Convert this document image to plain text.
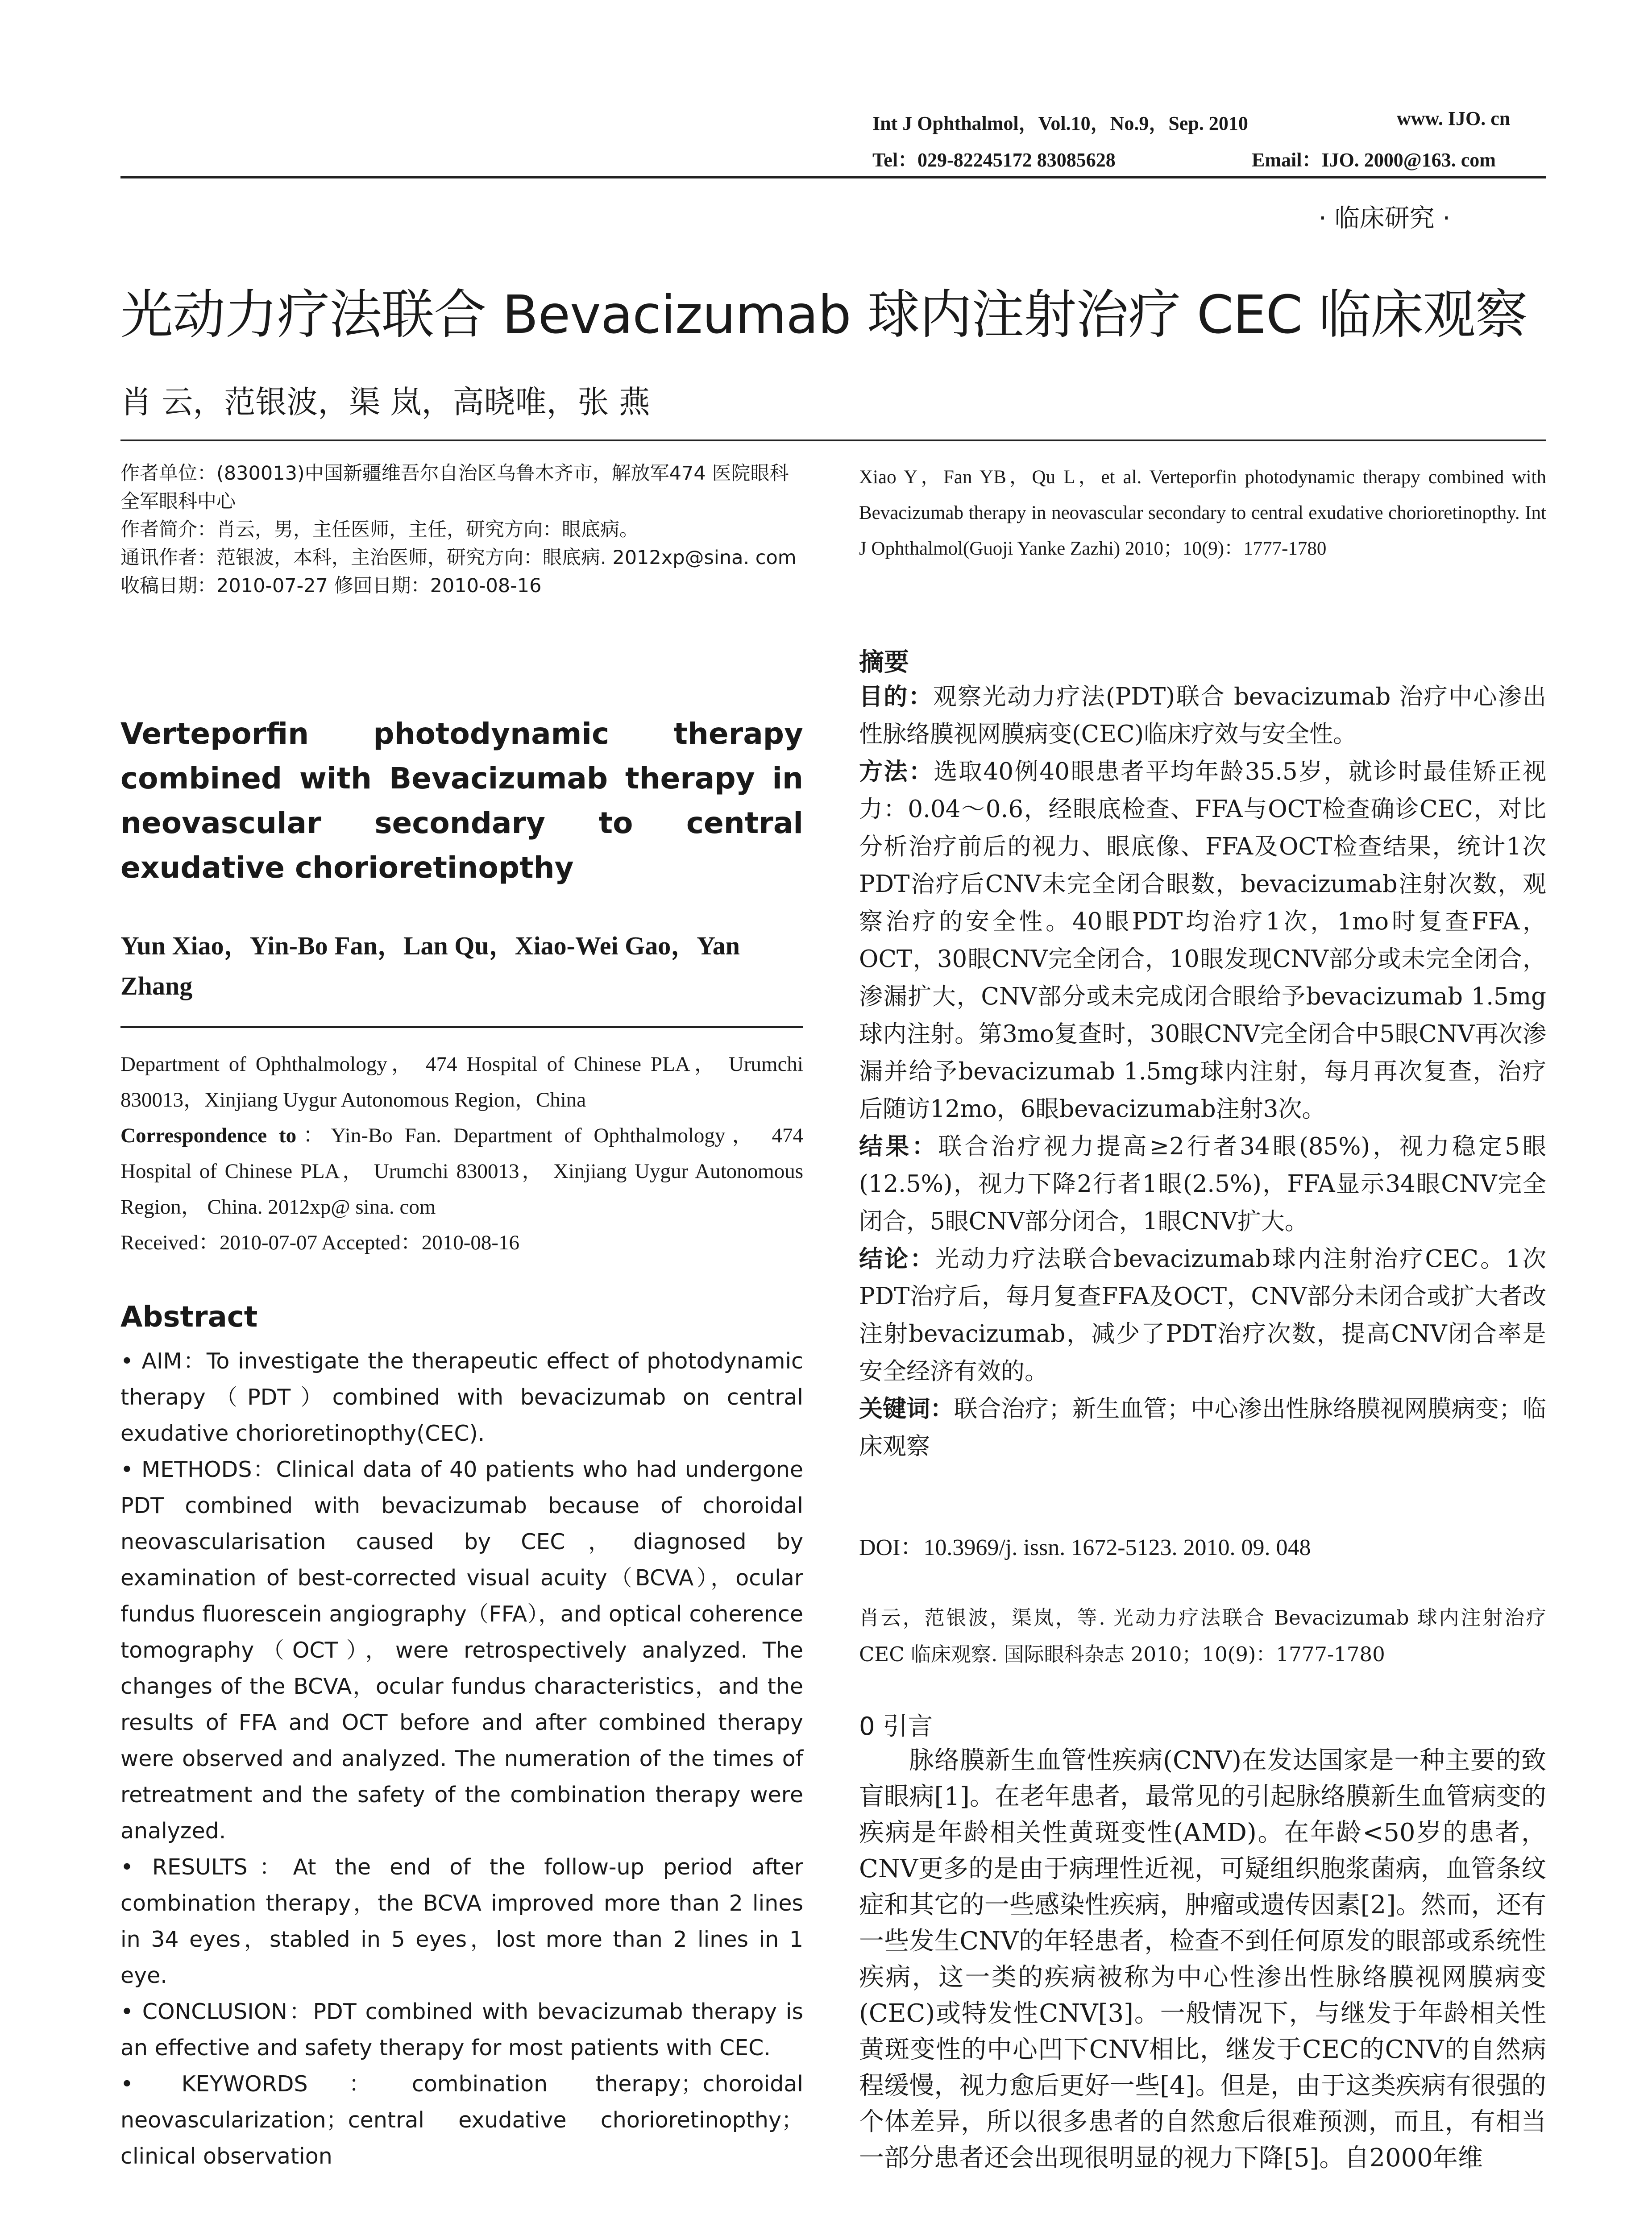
Int J Ophthalmol，Vol.10，No.9，Sep. 2010	www. IJO. cn
Tel：029-82245172 83085628	Email：IJO. 2000@163. com
· 临床研究 ·
光动力疗法联合 Bevacizumab 球内注射治疗 CEC 临床观察
肖 云，范银波，渠 岚，高晓唯，张 燕

作者单位：(830013)中国新疆维吾尔自治区乌鲁木齐市，解放军474 医院眼科 全军眼科中心

作者简介：肖云，男，主任医师，主任，研究方向：眼底病。

通讯作者：范银波，本科，主治医师，研究方向：眼底病. 2012xp@sina. com

收稿日期：2010-07-27 修回日期：2010-08-16

Verteporfin photodynamic therapy combined with Bevacizumab therapy in neovascular secondary to central exudative chorioretinopthy
Yun Xiao，Yin-Bo Fan，Lan Qu，Xiao-Wei Gao，Yan Zhang

Department of Ophthalmology， 474 Hospital of Chinese PLA， Urumchi 830013，Xinjiang Uygur Autonomous Region，China

Correspondence to：Yin-Bo Fan. Department of Ophthalmology， 474 Hospital of Chinese PLA， Urumchi 830013， Xinjiang Uygur Autonomous Region， China. 2012xp@ sina. com

Received：2010-07-07 Accepted：2010-08-16

Abstract

• AIM：To investigate the therapeutic effect of photodynamic therapy（PDT）combined with bevacizumab on central exudative chorioretinopthy(CEC).

• METHODS：Clinical data of 40 patients who had undergone PDT combined with bevacizumab because of choroidal neovascularisation caused by CEC，diagnosed by examination of best-corrected visual acuity（BCVA），ocular fundus fluorescein angiography（FFA），and optical coherence tomography（OCT），were retrospectively analyzed. The changes of the BCVA，ocular fundus characteristics，and the results of FFA and OCT before and after combined therapy were observed and analyzed. The numeration of the times of retreatment and the safety of the combination therapy were analyzed.

• RESULTS：At the end of the follow-up period after combination therapy，the BCVA improved more than 2 lines in 34 eyes，stabled in 5 eyes，lost more than 2 lines in 1 eye.

• CONCLUSION：PDT combined with bevacizumab therapy is an effective and safety therapy for most patients with CEC.

• KEYWORDS：combination therapy；choroidal neovascularization；central exudative chorioretinopthy；clinical observation

Xiao Y，Fan YB，Qu L，et al. Verteporfin photodynamic therapy combined with Bevacizumab therapy in neovascular secondary to central exudative chorioretinopthy. Int J Ophthalmol(Guoji Yanke Zazhi) 2010；10(9)：1777-1780
摘要

目的：观察光动力疗法(PDT)联合 bevacizumab 治疗中心渗出性脉络膜视网膜病变(CEC)临床疗效与安全性。

方法：选取40例40眼患者平均年龄35.5岁，就诊时最佳矫正视力：0.04～0.6，经眼底检查、FFA与OCT检查确诊CEC，对比分析治疗前后的视力、眼底像、FFA及OCT检查结果，统计1次PDT治疗后CNV未完全闭合眼数，bevacizumab注射次数，观察治疗的安全性。40眼PDT均治疗1次，1mo时复查FFA，OCT，30眼CNV完全闭合，10眼发现CNV部分或未完全闭合，渗漏扩大，CNV部分或未完成闭合眼给予bevacizumab 1.5mg球内注射。第3mo复查时，30眼CNV完全闭合中5眼CNV再次渗漏并给予bevacizumab 1.5mg球内注射，每月再次复查，治疗后随访12mo，6眼bevacizumab注射3次。

结果：联合治疗视力提高≥2行者34眼(85%)，视力稳定5眼(12.5%)，视力下降2行者1眼(2.5%)，FFA显示34眼CNV完全闭合，5眼CNV部分闭合，1眼CNV扩大。

结论：光动力疗法联合bevacizumab球内注射治疗CEC。1次PDT治疗后，每月复查FFA及OCT，CNV部分未闭合或扩大者改注射bevacizumab，减少了PDT治疗次数，提高CNV闭合率是安全经济有效的。

关键词：联合治疗；新生血管；中心渗出性脉络膜视网膜病变；临床观察

DOI：10.3969/j. issn. 1672-5123. 2010. 09. 048
肖云，范银波，渠岚，等. 光动力疗法联合 Bevacizumab 球内注射治疗 CEC 临床观察. 国际眼科杂志 2010；10(9)：1777-1780
0 引言
脉络膜新生血管性疾病(CNV)在发达国家是一种主要的致盲眼病[1]。在老年患者，最常见的引起脉络膜新生血管病变的疾病是年龄相关性黄斑变性(AMD)。在年龄<50岁的患者，CNV更多的是由于病理性近视，可疑组织胞浆菌病，血管条纹症和其它的一些感染性疾病，肿瘤或遗传因素[2]。然而，还有一些发生CNV的年轻患者，检查不到任何原发的眼部或系统性疾病，这一类的疾病被称为中心性渗出性脉络膜视网膜病变(CEC)或特发性CNV[3]。一般情况下，与继发于年龄相关性黄斑变性的中心凹下CNV相比，继发于CEC的CNV的自然病程缓慢，视力愈后更好一些[4]。但是，由于这类疾病有很强的个体差异，所以很多患者的自然愈后很难预测，而且，有相当一部分患者还会出现很明显的视力下降[5]。自2000年维
